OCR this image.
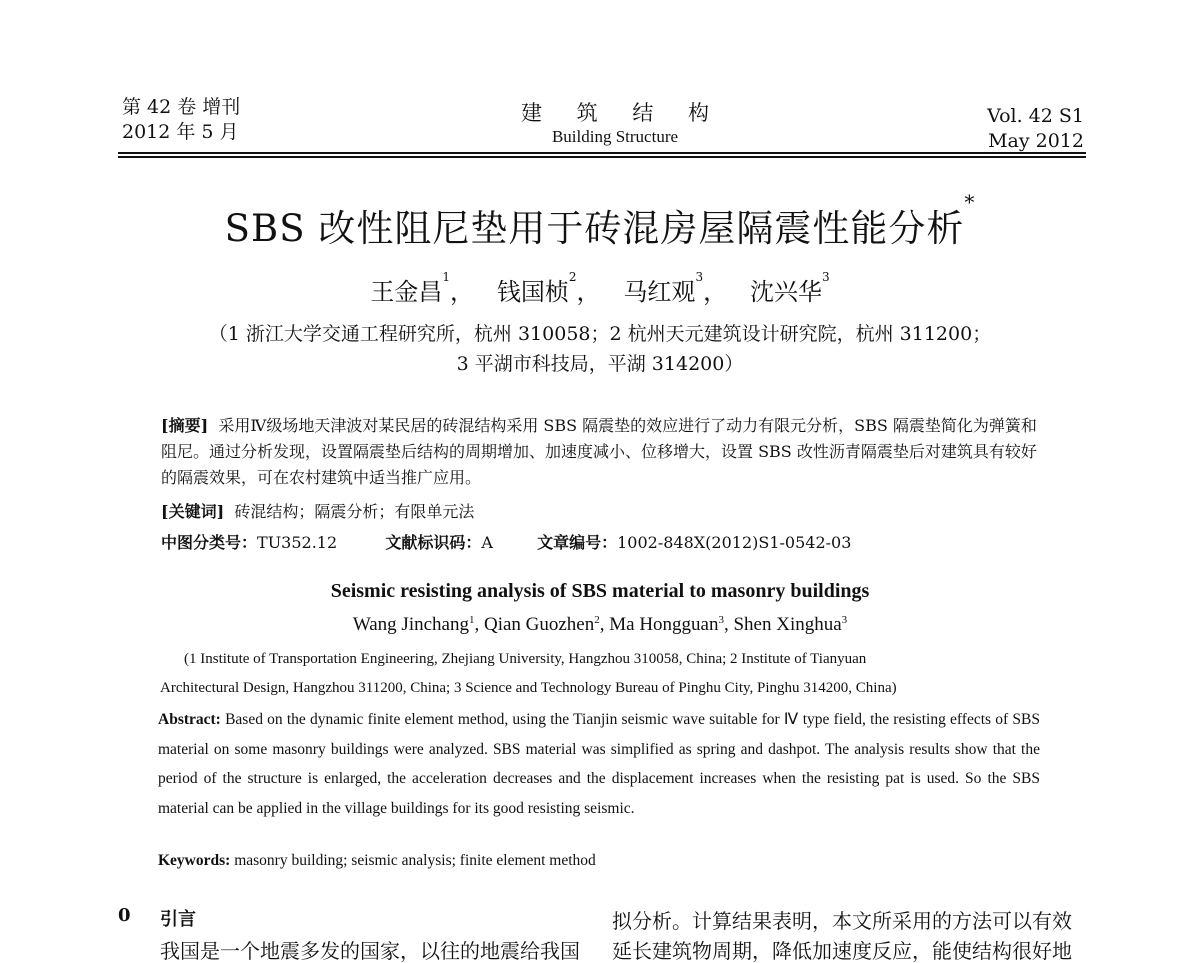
第 42 卷 增刊
2012 年 5 月
建 筑 结 构
Building Structure
Vol. 42 S1
May 2012
SBS 改性阻尼垫用于砖混房屋隔震性能分析*
王金昌$^1$， 钱国桢$^2$， 马红观$^3$， 沈兴华$^3$
（1 浙江大学交通工程研究所，杭州 310058；2 杭州天元建筑设计研究院，杭州 311200；
3 平湖市科技局，平湖 314200）
[摘要] 采用Ⅳ级场地天津波对某民居的砖混结构采用 SBS 隔震垫的效应进行了动力有限元分析，SBS 隔震垫简化为弹簧和阻尼。通过分析发现，设置隔震垫后结构的周期增加、加速度减小、位移增大，设置 SBS 改性沥青隔震垫后对建筑具有较好的隔震效果，可在农村建筑中适当推广应用。
[关键词] 砖混结构；隔震分析；有限单元法
中图分类号：TU352.12	文献标识码：A	文章编号：1002-848X(2012)S1-0542-03
Seismic resisting analysis of SBS material to masonry buildings
Wang Jinchang$^1$, Qian Guozhen$^2$, Ma Hongguan$^3$, Shen Xinghua$^3$
(1 Institute of Transportation Engineering, Zhejiang University, Hangzhou 310058, China; 2 Institute of Tianyuan
Architectural Design, Hangzhou 311200, China; 3 Science and Technology Bureau of Pinghu City, Pinghu 314200, China)
Abstract: Based on the dynamic finite element method, using the Tianjin seismic wave suitable for Ⅳ type field, the resisting effects of SBS material on some masonry buildings were analyzed. SBS material was simplified as spring and dashpot. The analysis results show that the period of the structure is enlarged, the acceleration decreases and the displacement increases when the resisting pat is used. So the SBS material can be applied in the village buildings for its good resisting seismic.
Keywords: masonry building; seismic analysis; finite element method
0 引言
我国是一个地震多发的国家，以往的地震给我国
拟分析。计算结果表明，本文所采用的方法可以有效
延长建筑物周期，降低加速度反应，能使结构很好地
